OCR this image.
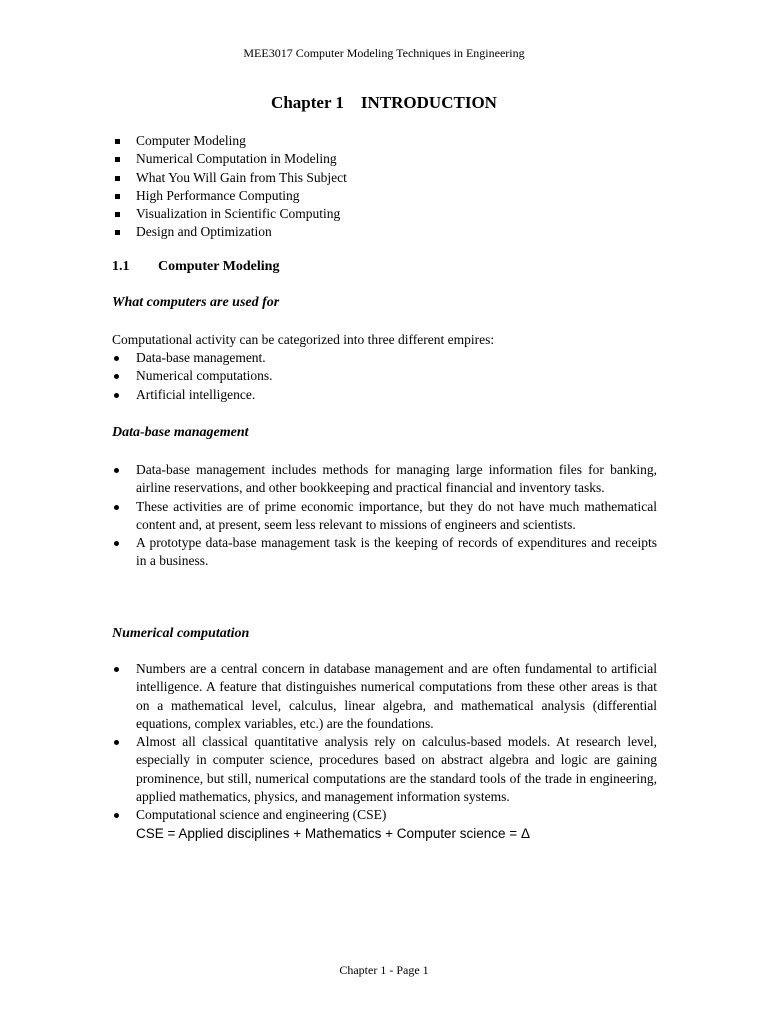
MEE3017 Computer Modeling Techniques in Engineering
Chapter 1    INTRODUCTION
Computer Modeling
Numerical Computation in Modeling
What You Will Gain from This Subject
High Performance Computing
Visualization in Scientific Computing
Design and Optimization
1.1 Computer Modeling
What computers are used for
Computational activity can be categorized into three different empires:
Data-base management.
Numerical computations.
Artificial intelligence.
Data-base management
Data-base management includes methods for managing large information files for banking, airline reservations, and other bookkeeping and practical financial and inventory tasks.
These activities are of prime economic importance, but they do not have much mathematical content and, at present, seem less relevant to missions of engineers and scientists.
A prototype data-base management task is the keeping of records of expenditures and receipts in a business.
Numerical computation
Numbers are a central concern in database management and are often fundamental to artificial intelligence. A feature that distinguishes numerical computations from these other areas is that on a mathematical level, calculus, linear algebra, and mathematical analysis (differential equations, complex variables, etc.) are the foundations.
Almost all classical quantitative analysis rely on calculus-based models. At research level, especially in computer science, procedures based on abstract algebra and logic are gaining prominence, but still, numerical computations are the standard tools of the trade in engineering, applied mathematics, physics, and management information systems.
Computational science and engineering (CSE)
CSE = Applied disciplines + Mathematics + Computer science = Δ
Chapter 1 - Page 1
